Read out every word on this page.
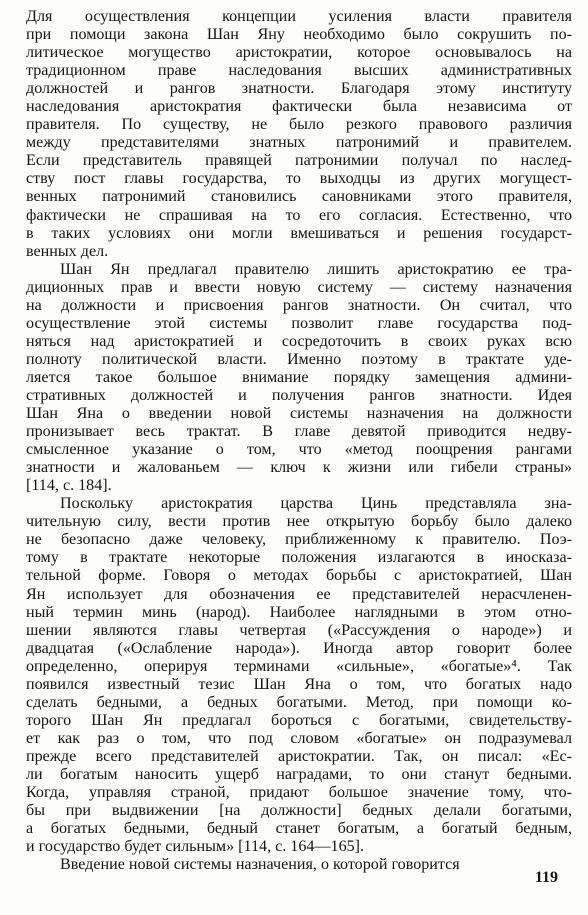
Для осуществления концепции усиления власти правителя
при помощи закона Шан Яну необходимо было сокрушить по-
литическое могущество аристократии, которое основывалось на
традиционном праве наследования высших административных
должностей и рангов знатности. Благодаря этому институту
наследования аристократия фактически была независима от
правителя. По существу, не было резкого правового различия
между представителями знатных патронимий и правителем.
Если представитель правящей патронимии получал по наслед-
ству пост главы государства, то выходцы из других могущест-
венных патронимий становились сановниками этого правителя,
фактически не спрашивая на то его согласия. Естественно, что
в таких условиях они могли вмешиваться и решения государст-
венных дел.

Шан Ян предлагал правителю лишить аристократию ее тра-
диционных прав и ввести новую систему — систему назначения
на должности и присвоения рангов знатности. Он считал, что
осуществление этой системы позволит главе государства под-
няться над аристократией и сосредоточить в своих руках всю
полноту политической власти. Именно поэтому в трактате уде-
ляется такое большое внимание порядку замещения админи-
стративных должностей и получения рангов знатности. Идея
Шан Яна о введении новой системы назначения на должности
пронизывает весь трактат. В главе девятой приводится недву-
смысленное указание о том, что «метод поощрения рангами
знатности и жалованьем — ключ к жизни или гибели страны»
[114, с. 184].

Поскольку аристократия царства Цинь представляла зна-
чительную силу, вести против нее открытую борьбу было далеко
не безопасно даже человеку, приближенному к правителю. Поэ-
тому в трактате некоторые положения излагаются в иносказа-
тельной форме. Говоря о методах борьбы с аристократией, Шан
Ян использует для обозначения ее представителей нерасчленен-
ный термин минь (народ). Наиболее наглядными в этом отно-
шении являются главы четвертая («Рассуждения о народе») и
двадцатая («Ослабление народа»). Иногда автор говорит более
определенно, оперируя терминами «сильные», «богатые»⁴. Так
появился известный тезис Шан Яна о том, что богатых надо
сделать бедными, а бедных богатыми. Метод, при помощи ко-
торого Шан Ян предлагал бороться с богатыми, свидетельству-
ет как раз о том, что под словом «богатые» он подразумевал
прежде всего представителей аристократии. Так, он писал: «Ес-
ли богатым наносить ущерб наградами, то они станут бедными.
Когда, управляя страной, придают большое значение тому, что-
бы при выдвижении [на должности] бедных делали богатыми,
а богатых бедными, бедный станет богатым, а богатый бедным,
и государство будет сильным» [114, с. 164—165].

Введение новой системы назначения, о которой говорится

119
